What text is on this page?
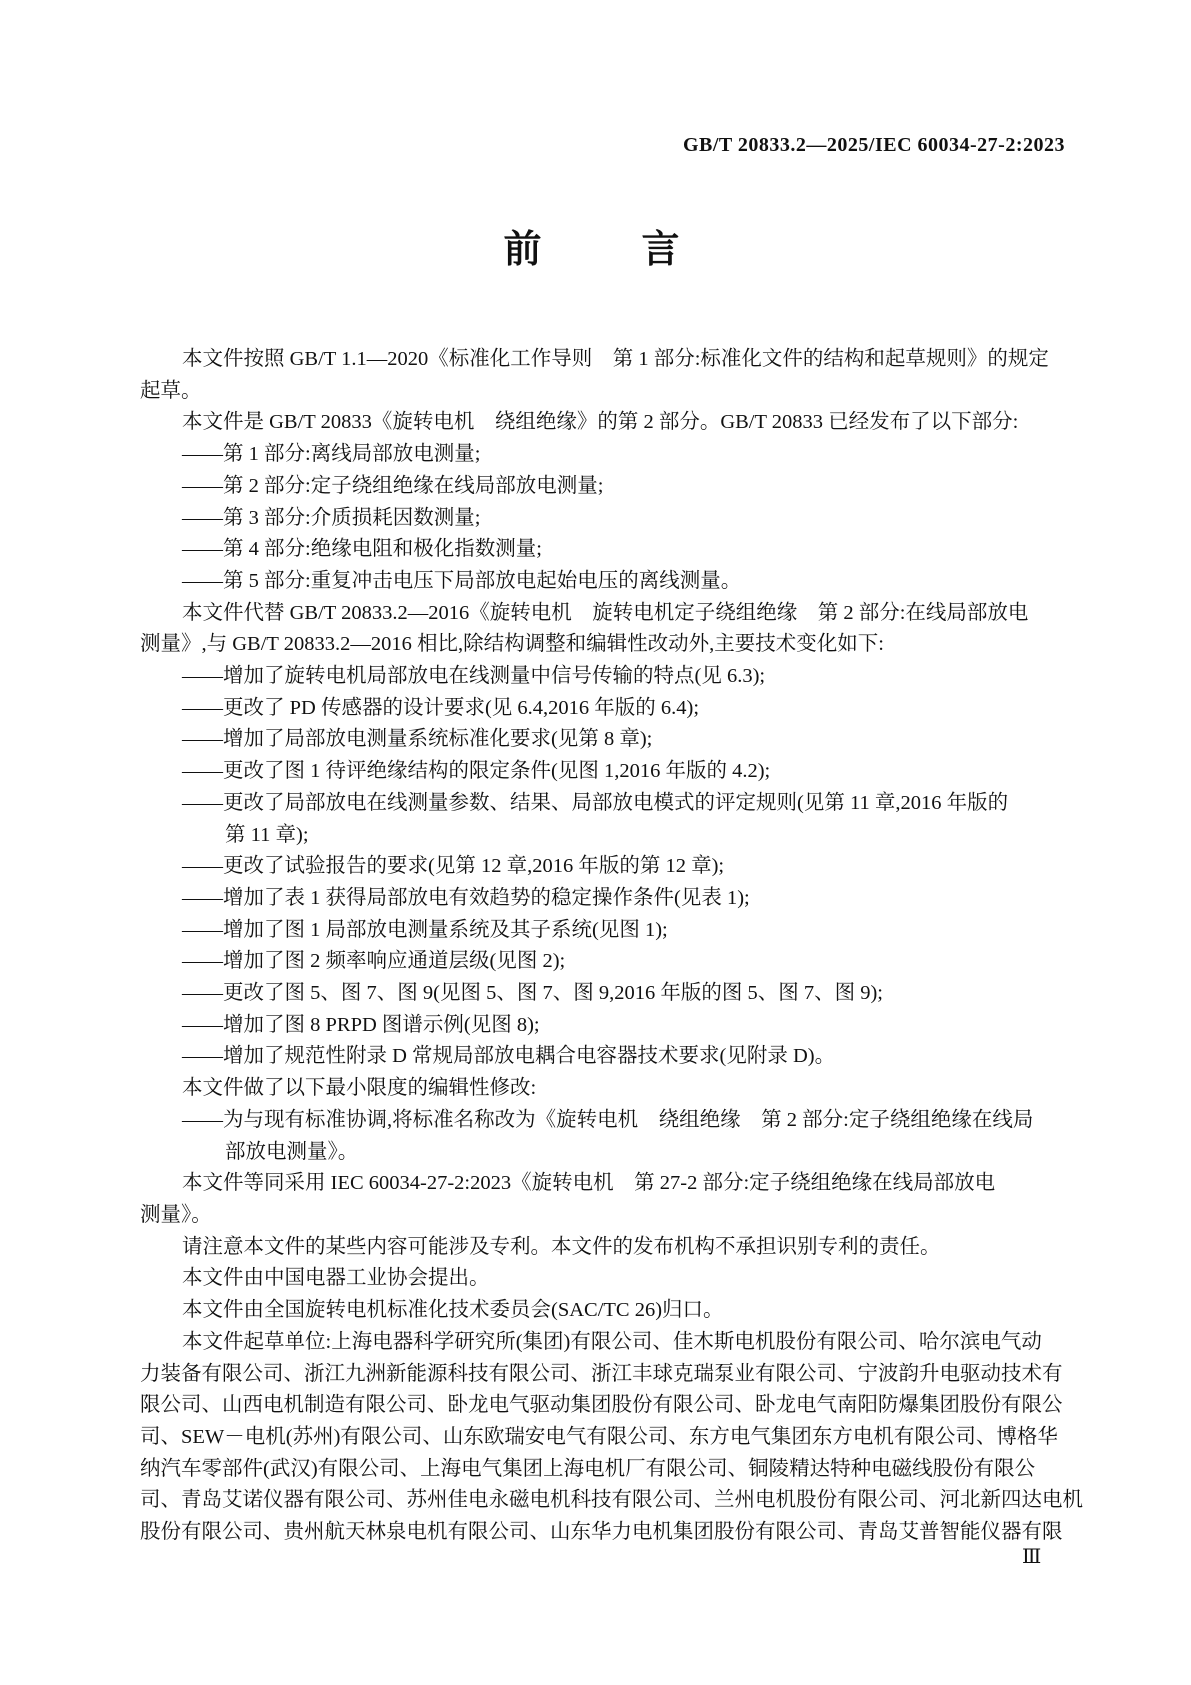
GB/T 20833.2—2025/IEC 60034-27-2:2023
前　　言
本文件按照 GB/T 1.1—2020《标准化工作导则　第 1 部分:标准化文件的结构和起草规则》的规定
起草。
本文件是 GB/T 20833《旋转电机　绕组绝缘》的第 2 部分。GB/T 20833 已经发布了以下部分:
——第 1 部分:离线局部放电测量;
——第 2 部分:定子绕组绝缘在线局部放电测量;
——第 3 部分:介质损耗因数测量;
——第 4 部分:绝缘电阻和极化指数测量;
——第 5 部分:重复冲击电压下局部放电起始电压的离线测量。
本文件代替 GB/T 20833.2—2016《旋转电机　旋转电机定子绕组绝缘　第 2 部分:在线局部放电
测量》,与 GB/T 20833.2—2016 相比,除结构调整和编辑性改动外,主要技术变化如下:
——增加了旋转电机局部放电在线测量中信号传输的特点(见 6.3);
——更改了 PD 传感器的设计要求(见 6.4,2016 年版的 6.4);
——增加了局部放电测量系统标准化要求(见第 8 章);
——更改了图 1 待评绝缘结构的限定条件(见图 1,2016 年版的 4.2);
——更改了局部放电在线测量参数、结果、局部放电模式的评定规则(见第 11 章,2016 年版的
第 11 章);
——更改了试验报告的要求(见第 12 章,2016 年版的第 12 章);
——增加了表 1 获得局部放电有效趋势的稳定操作条件(见表 1);
——增加了图 1 局部放电测量系统及其子系统(见图 1);
——增加了图 2 频率响应通道层级(见图 2);
——更改了图 5、图 7、图 9(见图 5、图 7、图 9,2016 年版的图 5、图 7、图 9);
——增加了图 8 PRPD 图谱示例(见图 8);
——增加了规范性附录 D 常规局部放电耦合电容器技术要求(见附录 D)。
本文件做了以下最小限度的编辑性修改:
——为与现有标准协调,将标准名称改为《旋转电机　绕组绝缘　第 2 部分:定子绕组绝缘在线局
部放电测量》。
本文件等同采用 IEC 60034-27-2:2023《旋转电机　第 27-2 部分:定子绕组绝缘在线局部放电
测量》。
请注意本文件的某些内容可能涉及专利。本文件的发布机构不承担识别专利的责任。
本文件由中国电器工业协会提出。
本文件由全国旋转电机标准化技术委员会(SAC/TC 26)归口。
本文件起草单位:上海电器科学研究所(集团)有限公司、佳木斯电机股份有限公司、哈尔滨电气动
力装备有限公司、浙江九洲新能源科技有限公司、浙江丰球克瑞泵业有限公司、宁波韵升电驱动技术有
限公司、山西电机制造有限公司、卧龙电气驱动集团股份有限公司、卧龙电气南阳防爆集团股份有限公
司、SEW－电机(苏州)有限公司、山东欧瑞安电气有限公司、东方电气集团东方电机有限公司、博格华
纳汽车零部件(武汉)有限公司、上海电气集团上海电机厂有限公司、铜陵精达特种电磁线股份有限公
司、青岛艾诺仪器有限公司、苏州佳电永磁电机科技有限公司、兰州电机股份有限公司、河北新四达电机
股份有限公司、贵州航天林泉电机有限公司、山东华力电机集团股份有限公司、青岛艾普智能仪器有限
Ⅲ
